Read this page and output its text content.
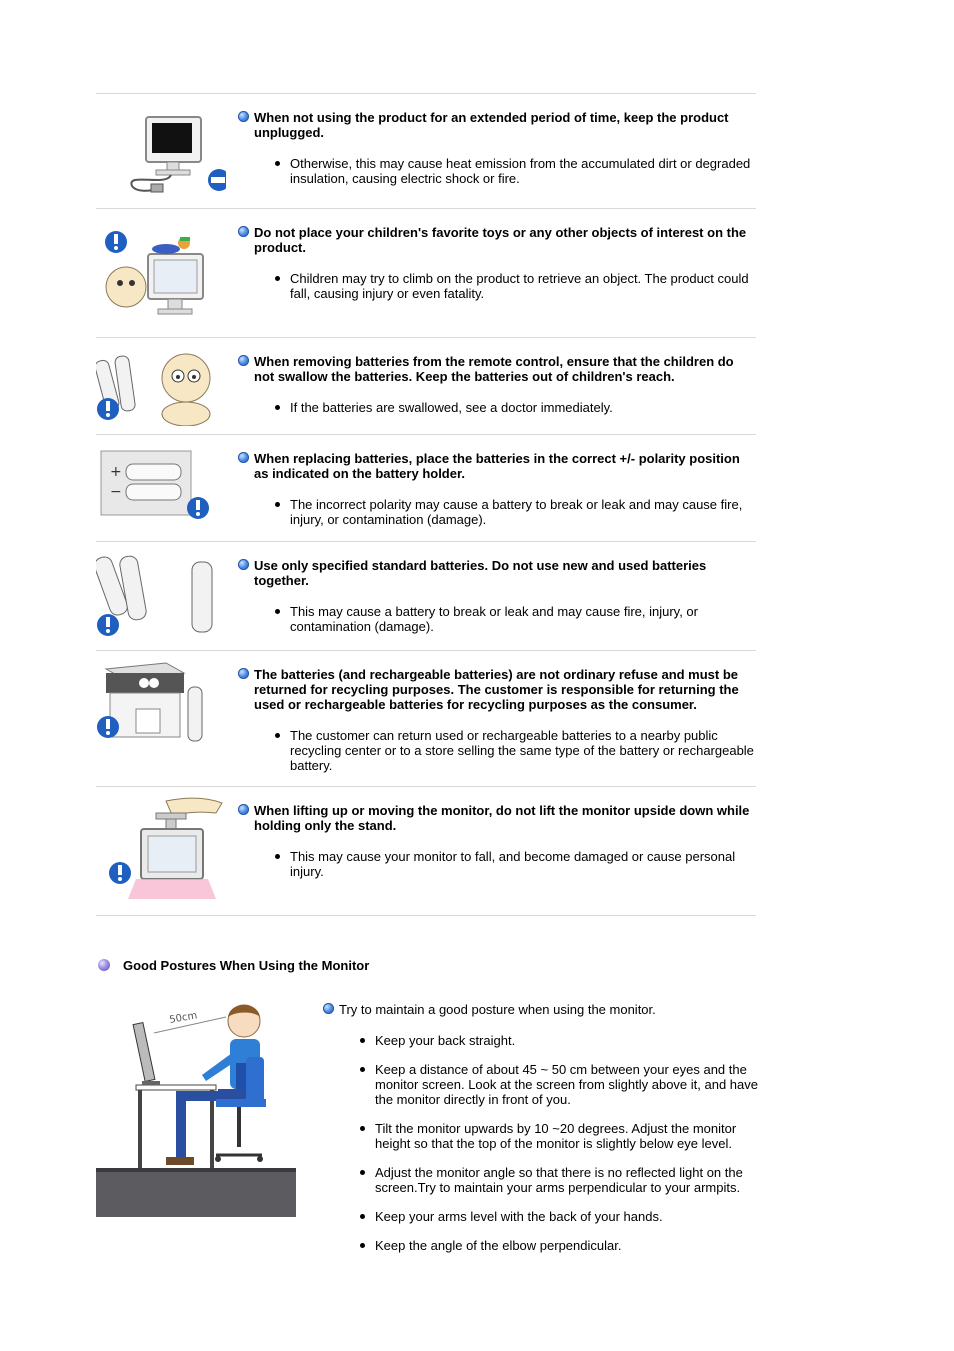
When not using the product for an extended period of time, keep the product unplugged.
Otherwise, this may cause heat emission from the accumulated dirt or degraded insulation, causing electric shock or fire.
Do not place your children's favorite toys or any other objects of interest on the product.
Children may try to climb on the product to retrieve an object. The product could fall, causing injury or even fatality.
When removing batteries from the remote control, ensure that the children do not swallow the batteries. Keep the batteries out of children's reach.
If the batteries are swallowed, see a doctor immediately.
+
−
When replacing batteries, place the batteries in the correct +/- polarity position as indicated on the battery holder.
The incorrect polarity may cause a battery to break or leak and may cause fire, injury, or contamination (damage).
Use only specified standard batteries. Do not use new and used batteries together.
This may cause a battery to break or leak and may cause fire, injury, or contamination (damage).
The batteries (and rechargeable batteries) are not ordinary refuse and must be returned for recycling purposes. The customer is responsible for returning the used or rechargeable batteries for recycling purposes as the consumer.
The customer can return used or rechargeable batteries to a nearby public recycling center or to a store selling the same type of the battery or rechargeable battery.
When lifting up or moving the monitor, do not lift the monitor upside down while holding only the stand.
This may cause your monitor to fall, and become damaged or cause personal injury.
Good Postures When Using the Monitor
50cm
Try to maintain a good posture when using the monitor.
Keep your back straight.
Keep a distance of about 45 ~ 50 cm between your eyes and the monitor screen. Look at the screen from slightly above it, and have the monitor directly in front of you.
Tilt the monitor upwards by 10 ~20 degrees. Adjust the monitor height so that the top of the monitor is slightly below eye level.
Adjust the monitor angle so that there is no reflected light on the screen.Try to maintain your arms perpendicular to your armpits.
Keep your arms level with the back of your hands.
Keep the angle of the elbow perpendicular.
